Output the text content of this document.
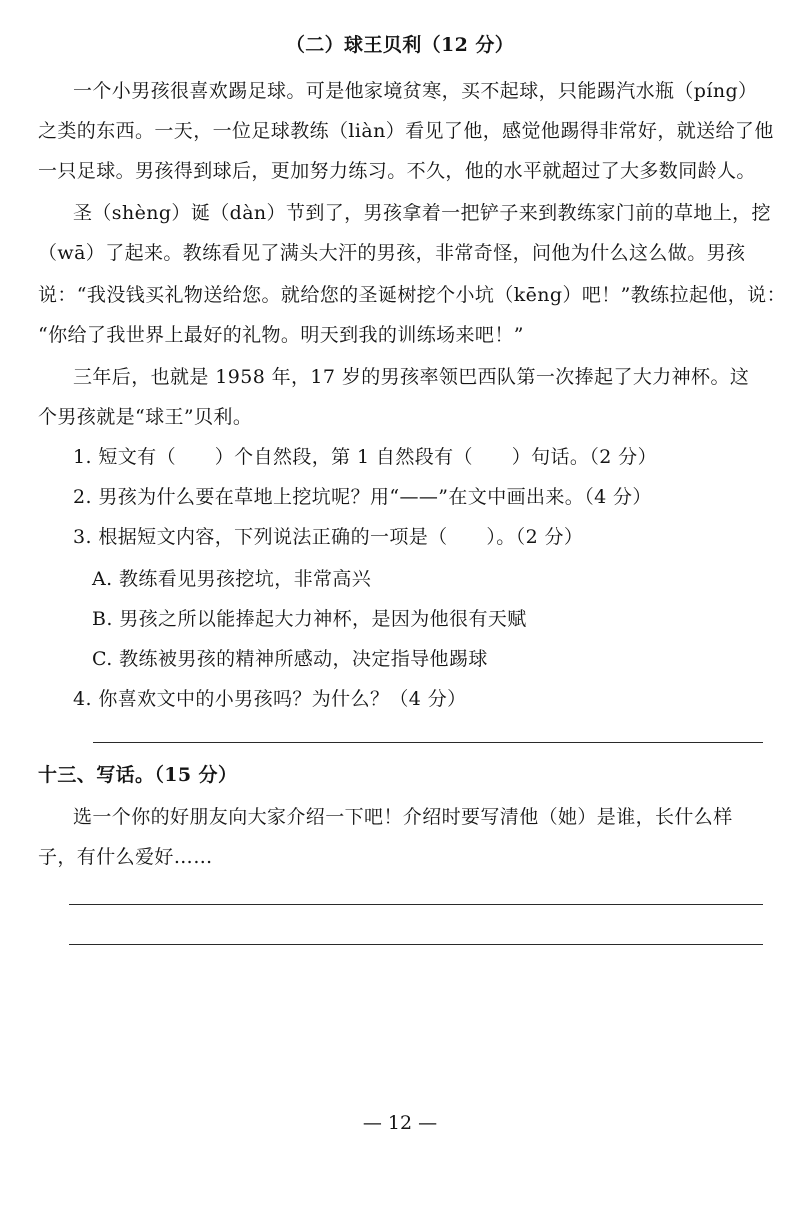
（二）球王贝利（12 分）
一个小男孩很喜欢踢足球。可是他家境贫寒，买不起球，只能踢汽水瓶（píng）
之类的东西。一天，一位足球教练（liàn）看见了他，感觉他踢得非常好，就送给了他
一只足球。男孩得到球后，更加努力练习。不久，他的水平就超过了大多数同龄人。
圣（shèng）诞（dàn）节到了，男孩拿着一把铲子来到教练家门前的草地上，挖
（wā）了起来。教练看见了满头大汗的男孩，非常奇怪，问他为什么这么做。男孩
说：“我没钱买礼物送给您。就给您的圣诞树挖个小坑（kēng）吧！”教练拉起他，说：
“你给了我世界上最好的礼物。明天到我的训练场来吧！”
三年后，也就是 1958 年，17 岁的男孩率领巴西队第一次捧起了大力神杯。这
个男孩就是“球王”贝利。
1. 短文有（　　）个自然段，第 1 自然段有（　　）句话。（2 分）
2. 男孩为什么要在草地上挖坑呢？用“——”在文中画出来。（4 分）
3. 根据短文内容，下列说法正确的一项是（　　）。（2 分）
A. 教练看见男孩挖坑，非常高兴
B. 男孩之所以能捧起大力神杯，是因为他很有天赋
C. 教练被男孩的精神所感动，决定指导他踢球
4. 你喜欢文中的小男孩吗？为什么？（4 分）
十三、写话。（15 分）
选一个你的好朋友向大家介绍一下吧！介绍时要写清他（她）是谁，长什么样
子，有什么爱好……
— 12 —
